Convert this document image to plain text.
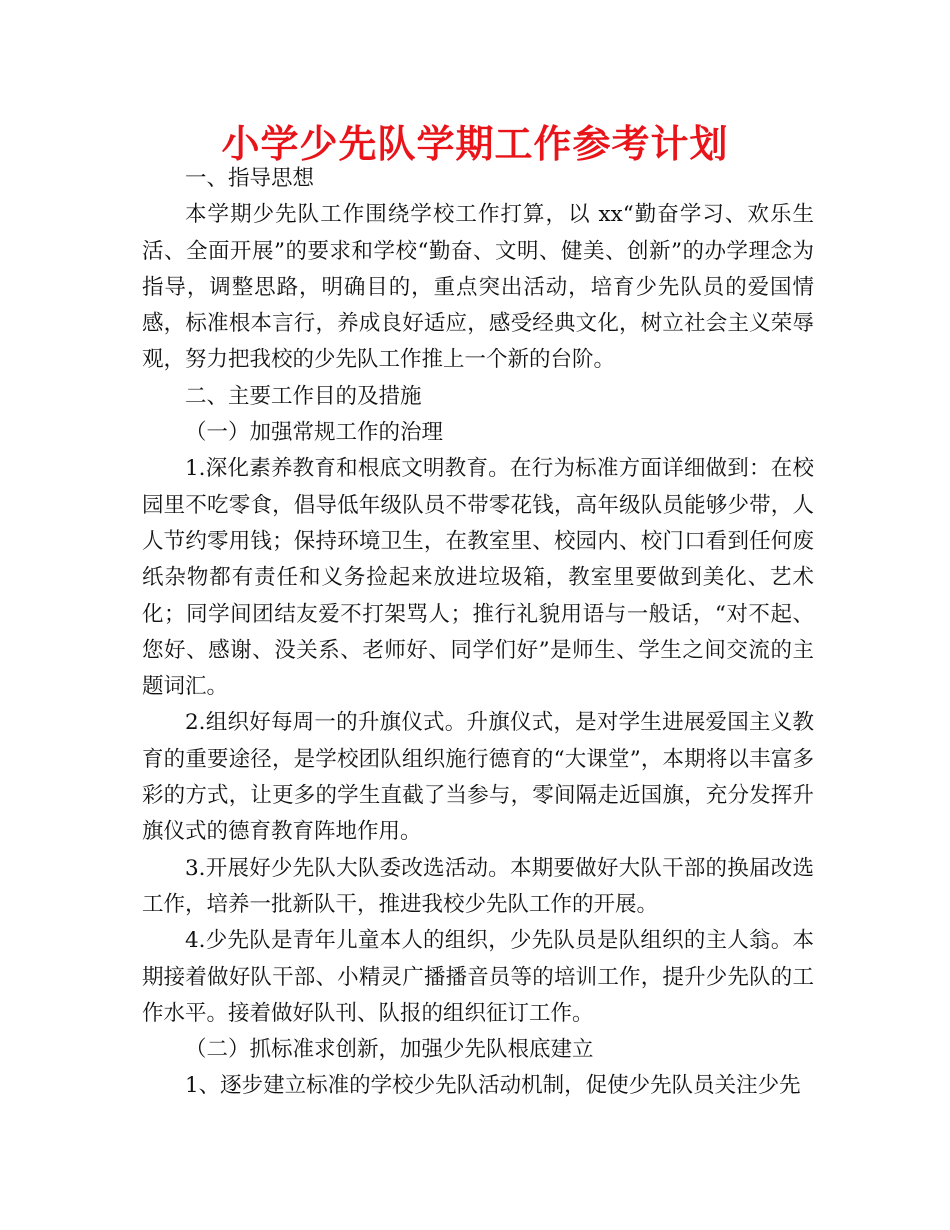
小学少先队学期工作参考计划

一、指导思想

本学期少先队工作围绕学校工作打算，以 xx“勤奋学习、欢乐生活、全面开展”的要求和学校“勤奋、文明、健美、创新”的办学理念为指导，调整思路，明确目的，重点突出活动，培育少先队员的爱国情感，标准根本言行，养成良好适应，感受经典文化，树立社会主义荣辱观，努力把我校的少先队工作推上一个新的台阶。

二、主要工作目的及措施

（一）加强常规工作的治理

1.深化素养教育和根底文明教育。在行为标准方面详细做到：在校园里不吃零食，倡导低年级队员不带零花钱，高年级队员能够少带，人人节约零用钱；保持环境卫生，在教室里、校园内、校门口看到任何废纸杂物都有责任和义务捡起来放进垃圾箱，教室里要做到美化、艺术化；同学间团结友爱不打架骂人；推行礼貌用语与一般话，“对不起、您好、感谢、没关系、老师好、同学们好”是师生、学生之间交流的主题词汇。

2.组织好每周一的升旗仪式。升旗仪式，是对学生进展爱国主义教育的重要途径，是学校团队组织施行德育的“大课堂”，本期将以丰富多彩的方式，让更多的学生直截了当参与，零间隔走近国旗，充分发挥升旗仪式的德育教育阵地作用。

3.开展好少先队大队委改选活动。本期要做好大队干部的换届改选工作，培养一批新队干，推进我校少先队工作的开展。

4.少先队是青年儿童本人的组织，少先队员是队组织的主人翁。本期接着做好队干部、小精灵广播播音员等的培训工作，提升少先队的工作水平。接着做好队刊、队报的组织征订工作。

（二）抓标准求创新，加强少先队根底建立

1、逐步建立标准的学校少先队活动机制，促使少先队员关注少先
